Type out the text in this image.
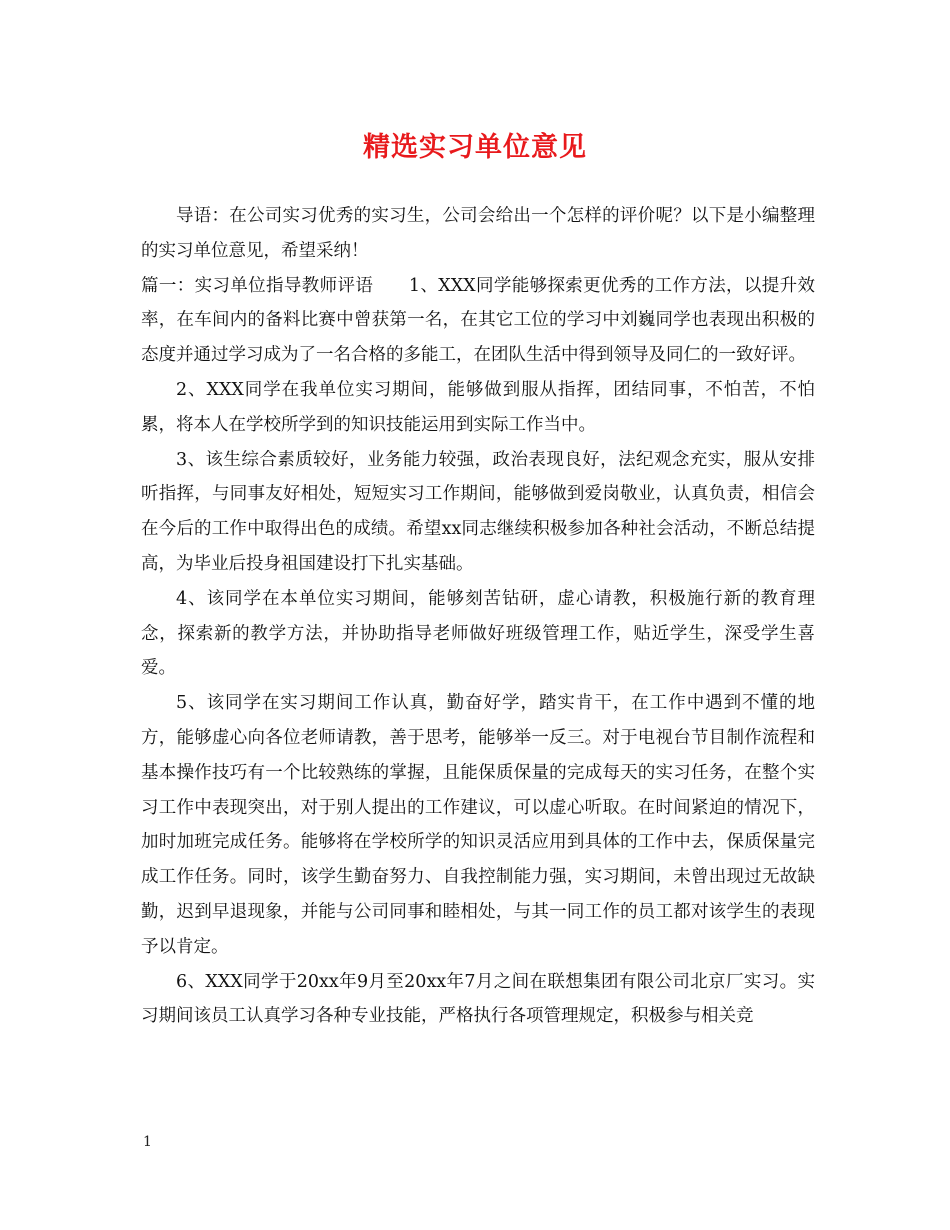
精选实习单位意见

导语：在公司实习优秀的实习生，公司会给出一个怎样的评价呢？以下是小编整理的实习单位意见，希望采纳！

篇一：实习单位指导教师评语　　1、XXX同学能够探索更优秀的工作方法，以提升效率，在车间内的备料比赛中曾获第一名，在其它工位的学习中刘巍同学也表现出积极的态度并通过学习成为了一名合格的多能工，在团队生活中得到领导及同仁的一致好评。

2、XXX同学在我单位实习期间，能够做到服从指挥，团结同事，不怕苦，不怕累，将本人在学校所学到的知识技能运用到实际工作当中。

3、该生综合素质较好，业务能力较强，政治表现良好，法纪观念充实，服从安排听指挥，与同事友好相处，短短实习工作期间，能够做到爱岗敬业，认真负责，相信会在今后的工作中取得出色的成绩。希望xx同志继续积极参加各种社会活动，不断总结提高，为毕业后投身祖国建设打下扎实基础。

4、该同学在本单位实习期间，能够刻苦钻研，虚心请教，积极施行新的教育理念，探索新的教学方法，并协助指导老师做好班级管理工作，贴近学生，深受学生喜爱。

5、该同学在实习期间工作认真，勤奋好学，踏实肯干，在工作中遇到不懂的地方，能够虚心向各位老师请教，善于思考，能够举一反三。对于电视台节目制作流程和基本操作技巧有一个比较熟练的掌握，且能保质保量的完成每天的实习任务，在整个实习工作中表现突出，对于别人提出的工作建议，可以虚心听取。在时间紧迫的情况下，加时加班完成任务。能够将在学校所学的知识灵活应用到具体的工作中去，保质保量完成工作任务。同时，该学生勤奋努力、自我控制能力强，实习期间，未曾出现过无故缺勤，迟到早退现象，并能与公司同事和睦相处，与其一同工作的员工都对该学生的表现予以肯定。

6、XXX同学于20xx年9月至20xx年7月之间在联想集团有限公司北京厂实习。实习期间该员工认真学习各种专业技能，严格执行各项管理规定，积极参与相关竞

1
